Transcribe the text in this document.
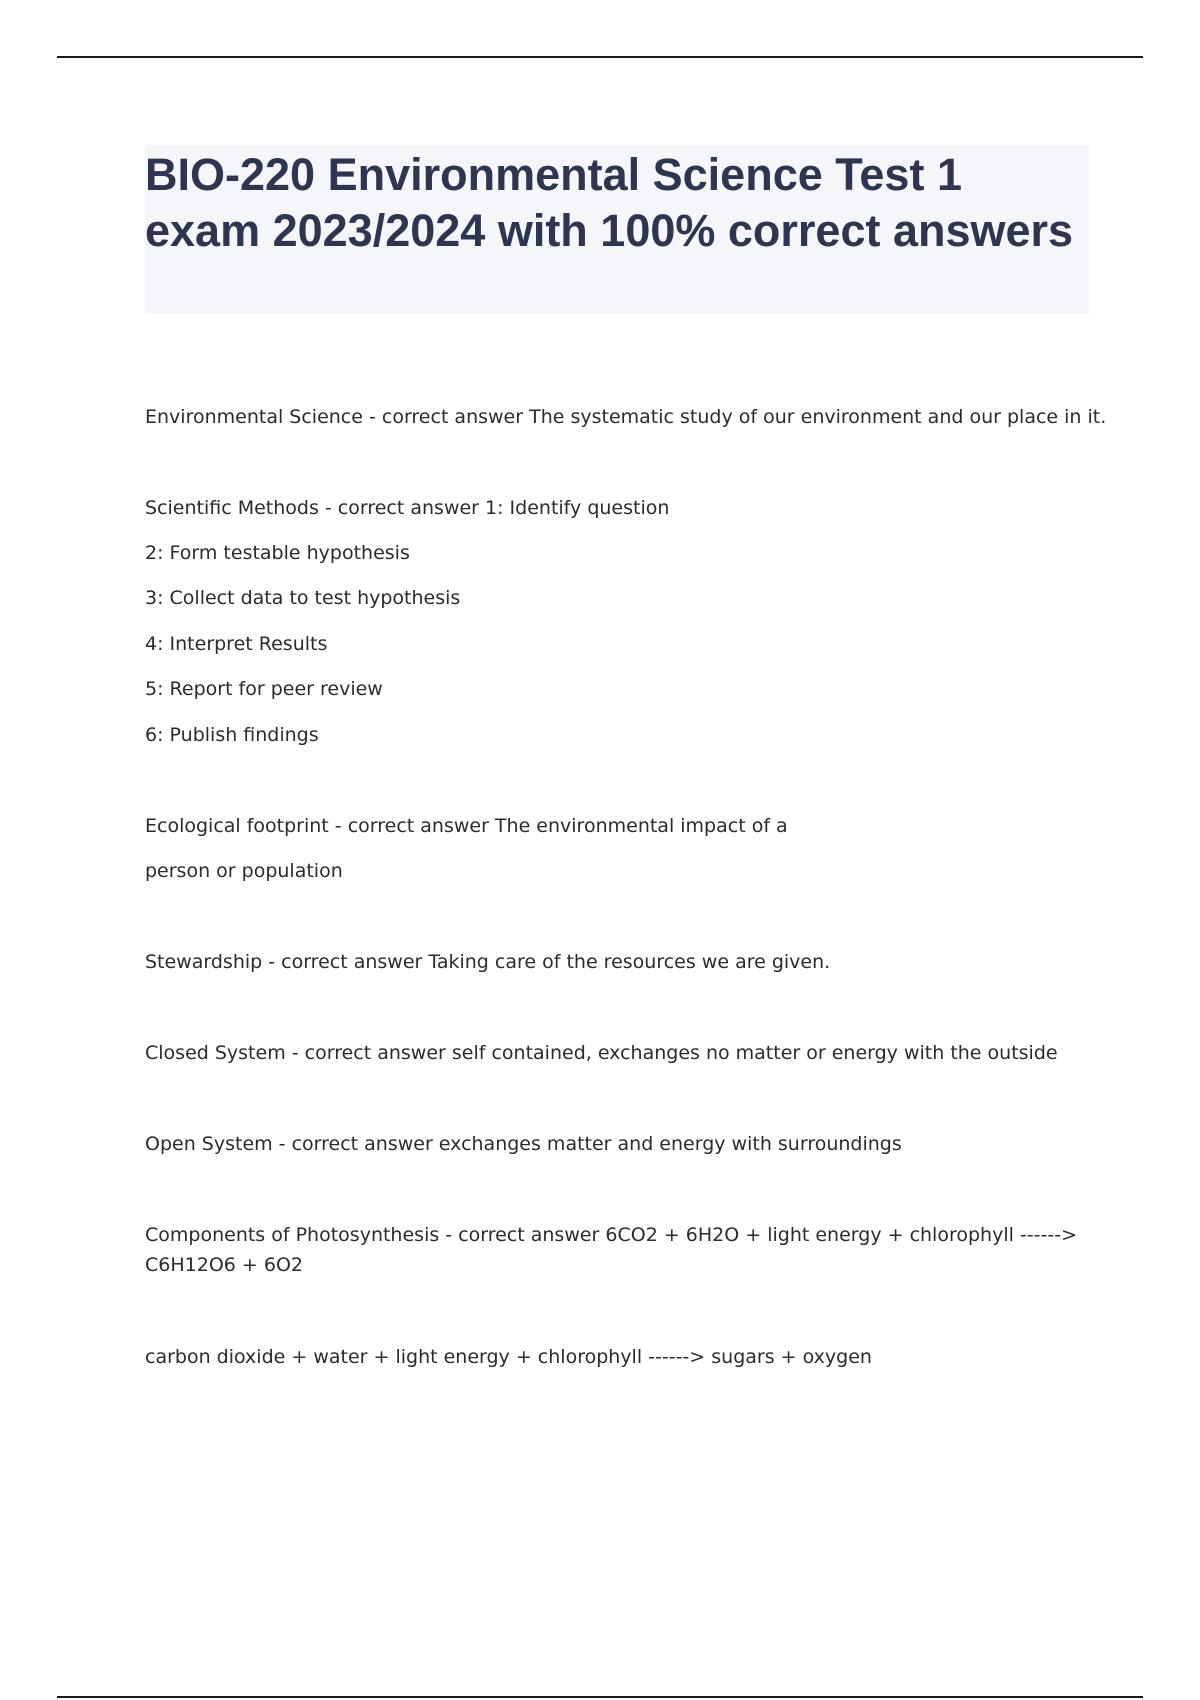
BIO-220 Environmental Science Test 1 exam 2023/2024 with 100% correct answers
Environmental Science - correct answer The systematic study of our environment and our place in it.
Scientific Methods - correct answer 1: Identify question
2: Form testable hypothesis
3: Collect data to test hypothesis
4: Interpret Results
5: Report for peer review
6: Publish findings
Ecological footprint - correct answer The environmental impact of a
person or population
Stewardship - correct answer Taking care of the resources we are given.
Closed System - correct answer self contained, exchanges no matter or energy with the outside
Open System - correct answer exchanges matter and energy with surroundings
Components of Photosynthesis - correct answer 6CO2 + 6H2O + light energy + chlorophyll ------>
C6H12O6 + 6O2
carbon dioxide + water + light energy + chlorophyll ------> sugars + oxygen
